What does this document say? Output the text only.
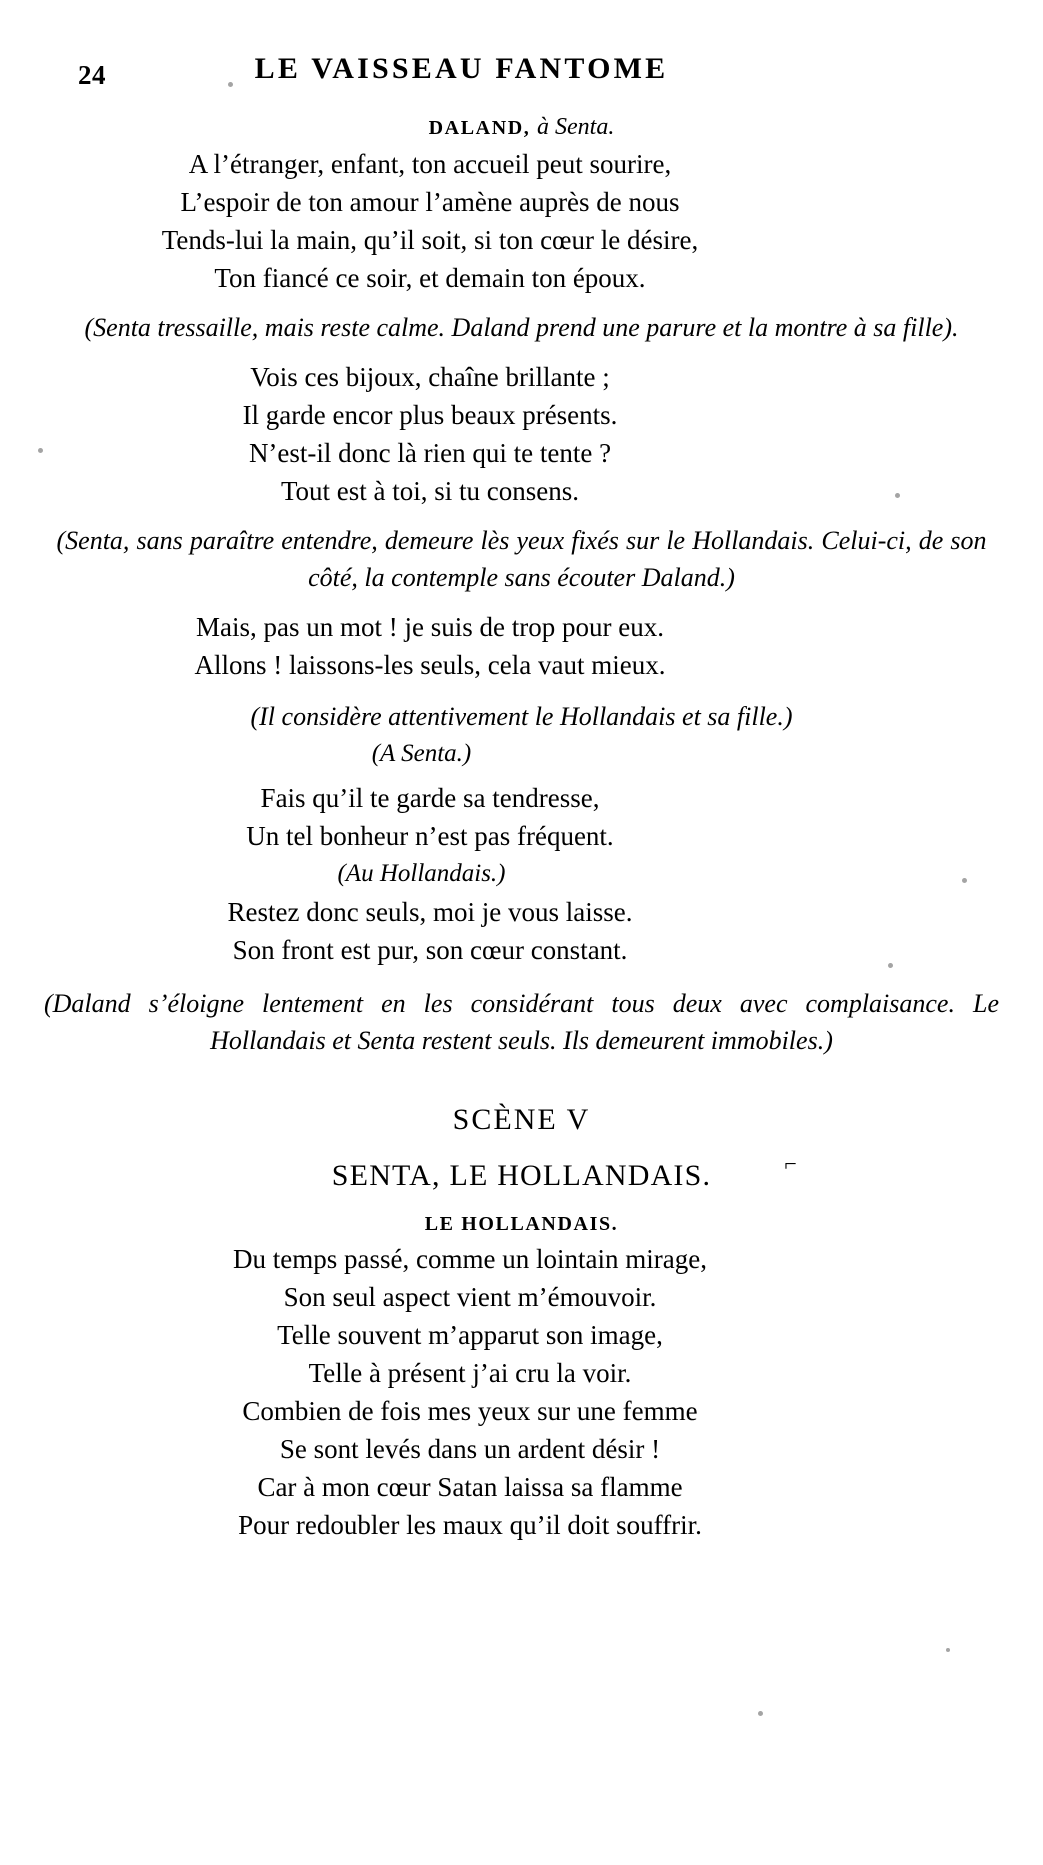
24	LE VAISSEAU FANTOME
DALAND, à Senta.
A l’étranger, enfant, ton accueil peut sourire,
L’espoir de ton amour l’amène auprès de nous
Tends-lui la main, qu’il soit, si ton cœur le désire,
Ton fiancé ce soir, et demain ton époux.
(Senta tressaille, mais reste calme. Daland prend une parure et la montre à sa fille).
Vois ces bijoux, chaîne brillante ;
Il garde encor plus beaux présents.
N’est-il donc là rien qui te tente ?
Tout est à toi, si tu consens.
(Senta, sans paraître entendre, demeure lès yeux fixés sur le Hollandais. Celui-ci, de son côté, la contemple sans écouter Daland.)
Mais, pas un mot ! je suis de trop pour eux.
Allons ! laissons-les seuls, cela vaut mieux.
(Il considère attentivement le Hollandais et sa fille.)
(A Senta.)
Fais qu’il te garde sa tendresse,
Un tel bonheur n’est pas fréquent.
(Au Hollandais.)
Restez donc seuls, moi je vous laisse.
Son front est pur, son cœur constant.
(Daland s’éloigne lentement en les considérant tous deux avec complaisance. Le Hollandais et Senta restent seuls. Ils demeurent immobiles.)
SCÈNE V
SENTA, LE HOLLANDAIS.	⌐
LE HOLLANDAIS.
Du temps passé, comme un lointain mirage,
Son seul aspect vient m’émouvoir.
Telle souvent m’apparut son image,
Telle à présent j’ai cru la voir.
Combien de fois mes yeux sur une femme
Se sont levés dans un ardent désir !
Car à mon cœur Satan laissa sa flamme
Pour redoubler les maux qu’il doit souffrir.
